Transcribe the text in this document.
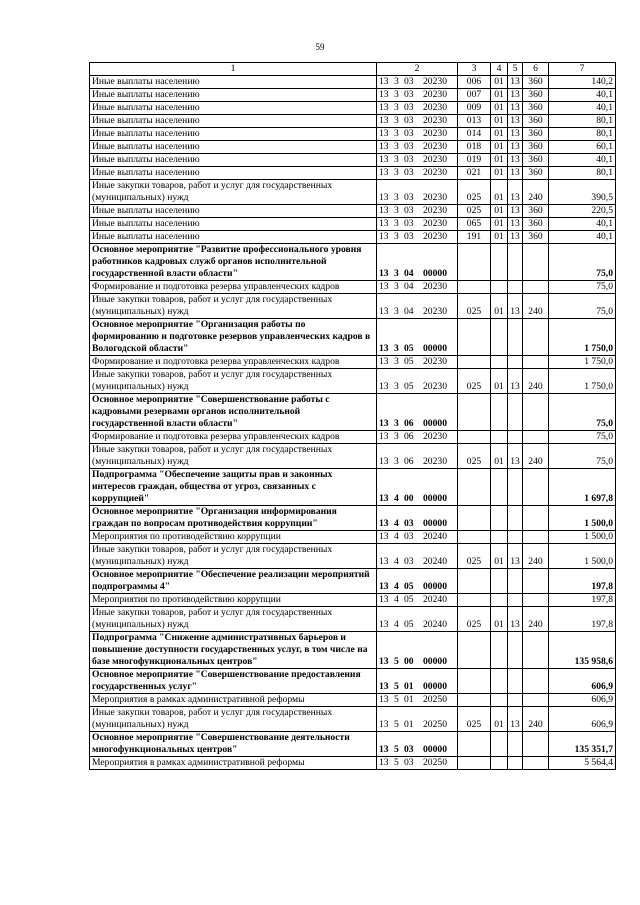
59
1	2	3	4	5	6	7
Иные выплаты населению	13 3 03 20230	006	01	13	360	140,2
Иные выплаты населению	13 3 03 20230	007	01	13	360	40,1
Иные выплаты населению	13 3 03 20230	009	01	13	360	40,1
Иные выплаты населению	13 3 03 20230	013	01	13	360	80,1
Иные выплаты населению	13 3 03 20230	014	01	13	360	80,1
Иные выплаты населению	13 3 03 20230	018	01	13	360	60,1
Иные выплаты населению	13 3 03 20230	019	01	13	360	40,1
Иные выплаты населению	13 3 03 20230	021	01	13	360	80,1
Иные закупки товаров, работ и услуг для государственных (муниципальных) нужд	13 3 03 20230	025	01	13	240	390,5
Иные выплаты населению	13 3 03 20230	025	01	13	360	220,5
Иные выплаты населению	13 3 03 20230	065	01	13	360	40,1
Иные выплаты населению	13 3 03 20230	191	01	13	360	40,1
Основное мероприятие "Развитие профессионального уровня работников кадровых служб органов исполнительной государственной власти области"	13 3 04 00000					75,0
Формирование и подготовка резерва управленческих кадров	13 3 04 20230					75,0
Иные закупки товаров, работ и услуг для государственных (муниципальных) нужд	13 3 04 20230	025	01	13	240	75,0
Основное мероприятие "Организация работы по формированию и подготовке резервов управленческих кадров в Вологодской области"	13 3 05 00000					1 750,0
Формирование и подготовка резерва управленческих кадров	13 3 05 20230					1 750,0
Иные закупки товаров, работ и услуг для государственных (муниципальных) нужд	13 3 05 20230	025	01	13	240	1 750,0
Основное мероприятие "Совершенствование работы с кадровыми резервами органов исполнительной государственной власти области"	13 3 06 00000					75,0
Формирование и подготовка резерва управленческих кадров	13 3 06 20230					75,0
Иные закупки товаров, работ и услуг для государственных (муниципальных) нужд	13 3 06 20230	025	01	13	240	75,0
Подпрограмма "Обеспечение защиты прав и законных интересов граждан, общества от угроз, связанных с коррупцией"	13 4 00 00000					1 697,8
Основное мероприятие "Организация информирования граждан по вопросам противодействия коррупции"	13 4 03 00000					1 500,0
Мероприятия по противодействию коррупции	13 4 03 20240					1 500,0
Иные закупки товаров, работ и услуг для государственных (муниципальных) нужд	13 4 03 20240	025	01	13	240	1 500,0
Основное мероприятие "Обеспечение реализации мероприятий подпрограммы 4"	13 4 05 00000					197,8
Мероприятия по противодействию коррупции	13 4 05 20240					197,8
Иные закупки товаров, работ и услуг для государственных (муниципальных) нужд	13 4 05 20240	025	01	13	240	197,8
Подпрограмма "Снижение административных барьеров и повышение доступности государственных услуг, в том числе на базе многофункциональных центров"	13 5 00 00000					135 958,6
Основное мероприятие "Совершенствование предоставления государственных услуг"	13 5 01 00000					606,9
Мероприятия в рамках административной реформы	13 5 01 20250					606,9
Иные закупки товаров, работ и услуг для государственных (муниципальных) нужд	13 5 01 20250	025	01	13	240	606,9
Основное мероприятие "Совершенствование деятельности многофункциональных центров"	13 5 03 00000					135 351,7
Мероприятия в рамках административной реформы	13 5 03 20250					5 564,4
